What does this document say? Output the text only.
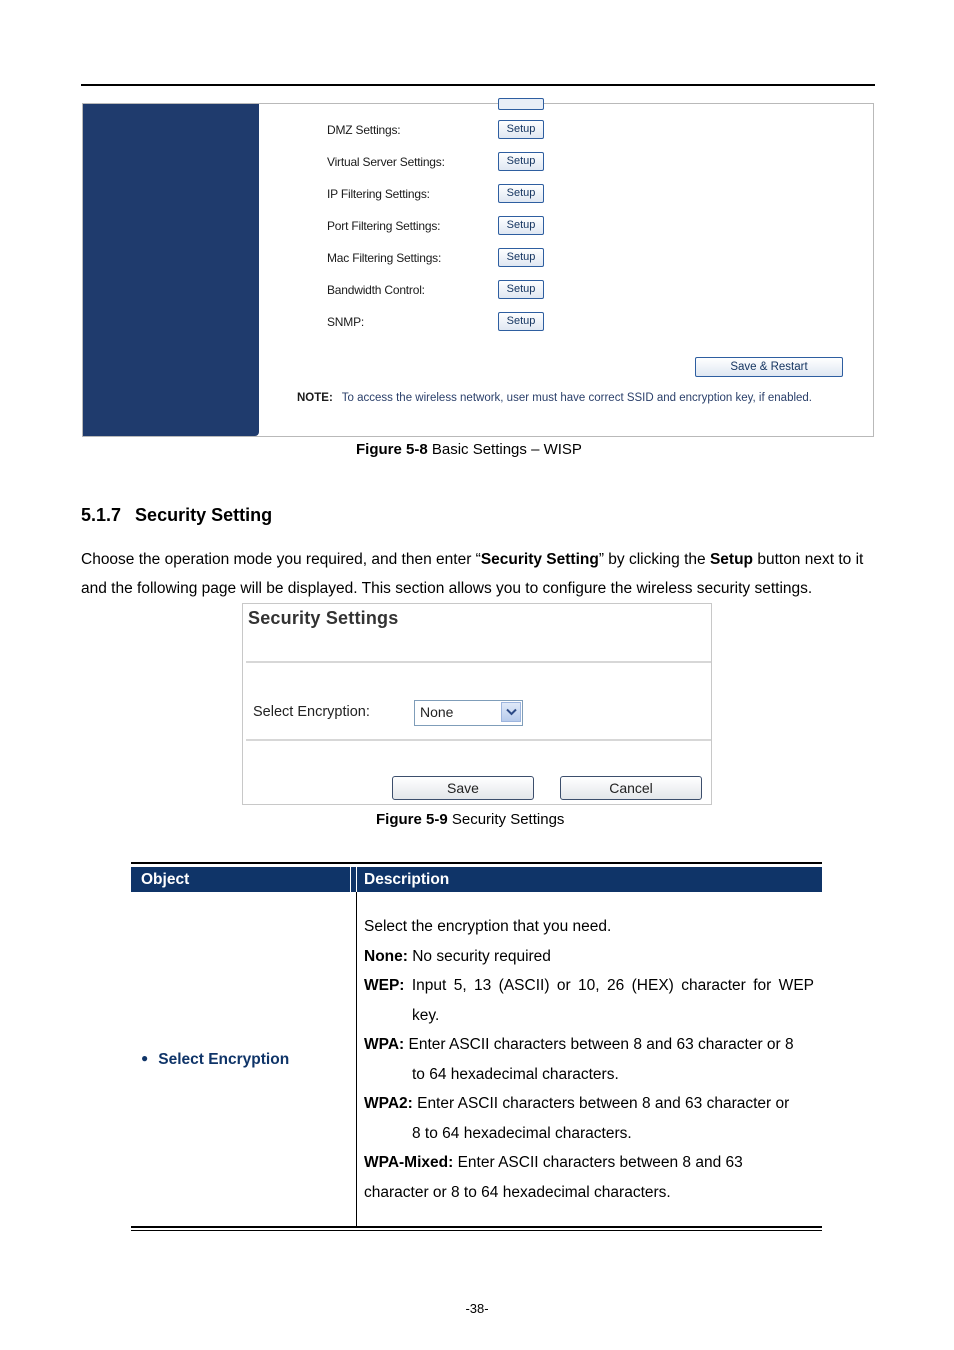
DMZ Settings:	Setup
Virtual Server Settings:	Setup
IP Filtering Settings:	Setup
Port Filtering Settings:	Setup
Mac Filtering Settings:	Setup
Bandwidth Control:	Setup
SNMP:	Setup
Save & Restart
NOTE: To access the wireless network, user must have correct SSID and encryption key, if enabled.
Figure 5-8 Basic Settings – WISP
5.1.7 Security Setting
Choose the operation mode you required, and then enter “Security Setting” by clicking the Setup button next to it and the following page will be displayed. This section allows you to configure the wireless security settings.
Security Settings
Select Encryption:	None
Save	Cancel
Figure 5-9 Security Settings
Object	Description
● Select Encryption

Select the encryption that you need.

None: No security required

WEP: Input 5, 13 (ASCII) or 10, 26 (HEX) character for WEP

key.

WPA: Enter ASCII characters between 8 and 63 character or 8

to 64 hexadecimal characters.

WPA2: Enter ASCII characters between 8 and 63 character or

8 to 64 hexadecimal characters.

WPA-Mixed: Enter ASCII characters between 8 and 63

character or 8 to 64 hexadecimal characters.

-38-
